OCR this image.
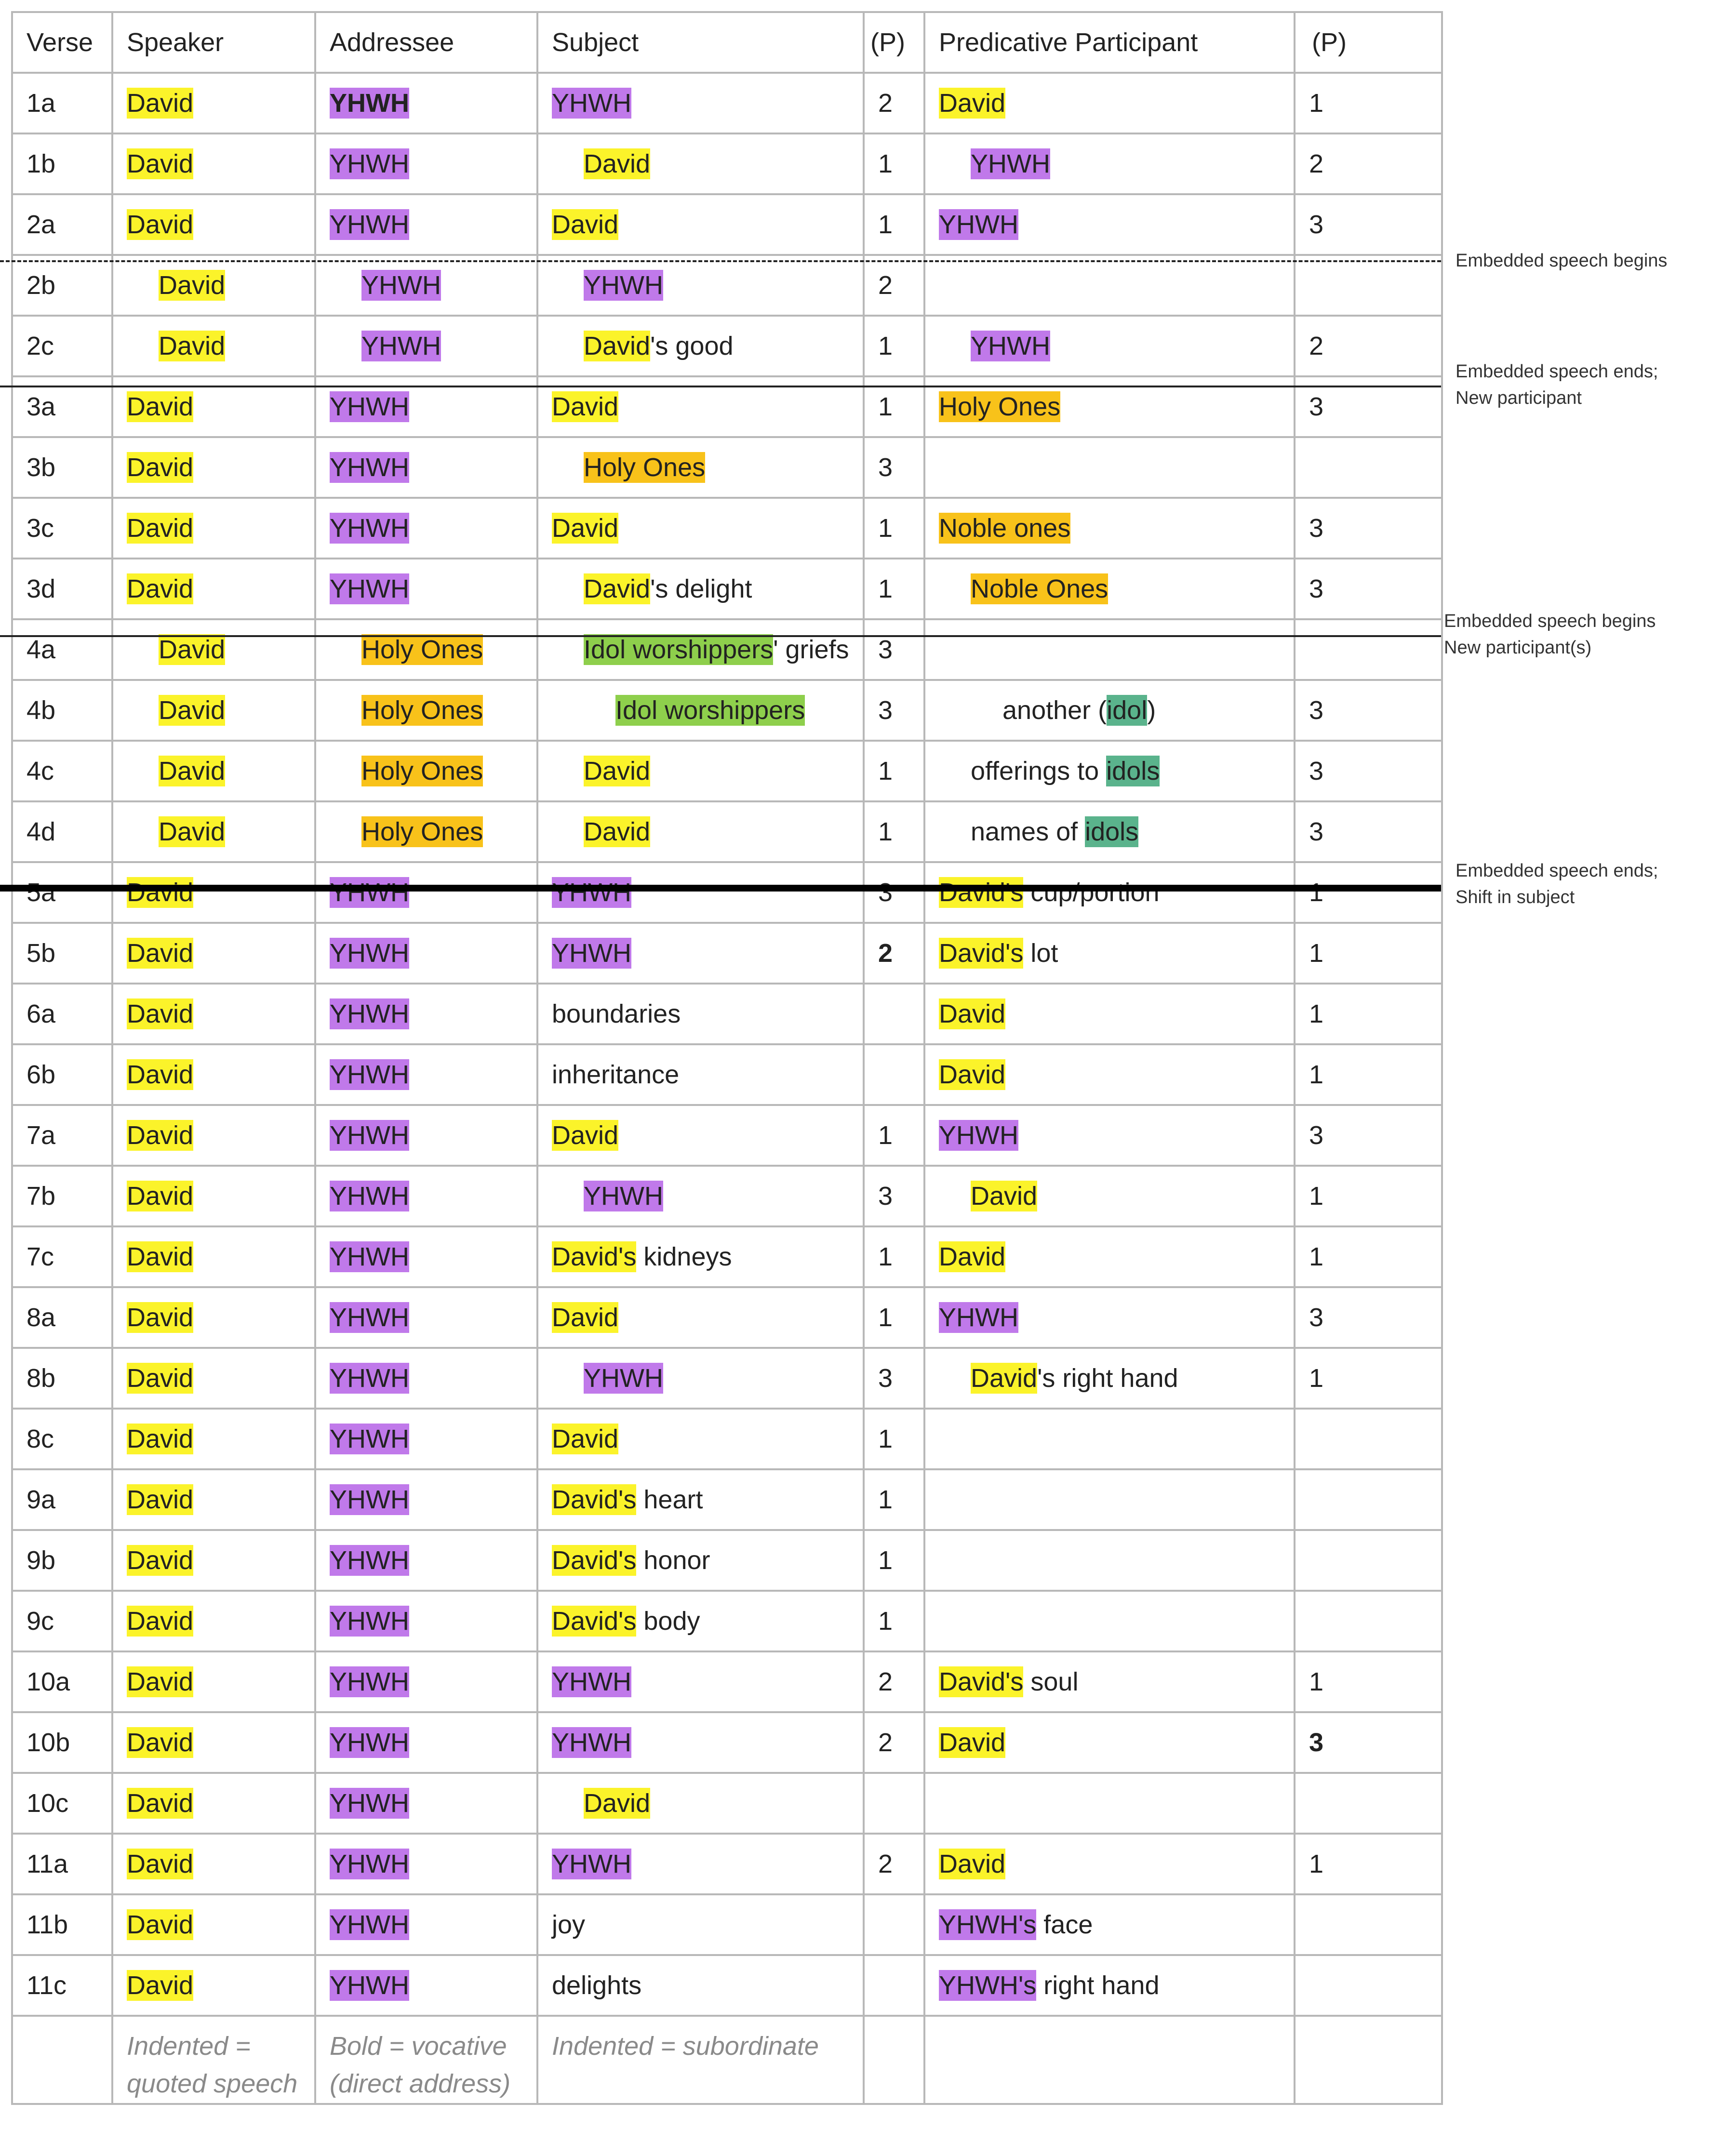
Verse	Speaker	Addressee	Subject	(P)	Predicative Participant	(P)
1a	David	YHWH	YHWH	2	David	1
1b	David	YHWH	David	1	YHWH	2
2a	David	YHWH	David	1	YHWH	3
2b	David	YHWH	YHWH	2		
2c	David	YHWH	David's good	1	YHWH	2
3a	David	YHWH	David	1	Holy Ones	3
3b	David	YHWH	Holy Ones	3		
3c	David	YHWH	David	1	Noble ones	3
3d	David	YHWH	David's delight	1	Noble Ones	3
4a	David	Holy Ones	Idol worshippers' griefs	3		
4b	David	Holy Ones	Idol worshippers	3	another (idol)	3
4c	David	Holy Ones	David	1	offerings to idols	3
4d	David	Holy Ones	David	1	names of idols	3
5a	David	YHWH	YHWH	3	David's cup/portion	1
5b	David	YHWH	YHWH	2	David's lot	1
6a	David	YHWH	boundaries		David	1
6b	David	YHWH	inheritance		David	1
7a	David	YHWH	David	1	YHWH	3
7b	David	YHWH	YHWH	3	David	1
7c	David	YHWH	David's kidneys	1	David	1
8a	David	YHWH	David	1	YHWH	3
8b	David	YHWH	YHWH	3	David's right hand	1
8c	David	YHWH	David	1		
9a	David	YHWH	David's heart	1		
9b	David	YHWH	David's honor	1		
9c	David	YHWH	David's body	1		
10a	David	YHWH	YHWH	2	David's soul	1
10b	David	YHWH	YHWH	2	David	3
10c	David	YHWH	David			
11a	David	YHWH	YHWH	2	David	1
11b	David	YHWH	joy		YHWH's face	
11c	David	YHWH	delights		YHWH's right hand	
	Indented = quoted speech	Bold = vocative (direct address)	Indented = subordinate			
Embedded speech begins
Embedded speech ends;
New participant
Embedded speech begins
New participant(s)
Embedded speech ends;
Shift in subject
